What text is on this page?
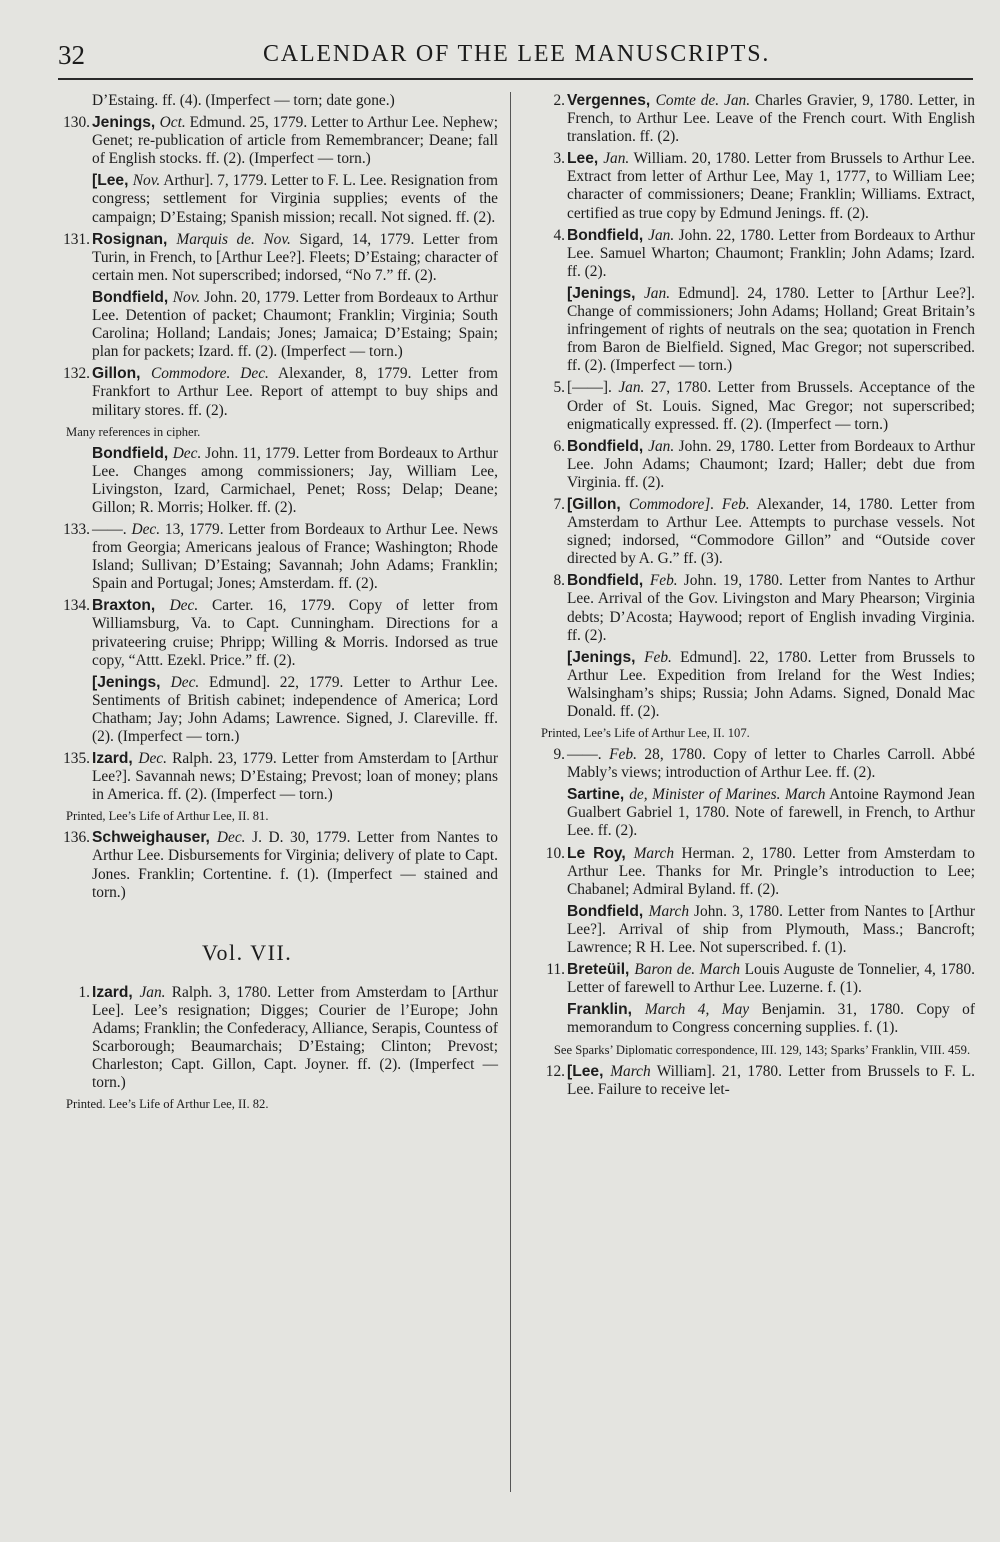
32	CALENDAR OF THE LEE MANUSCRIPTS.
D’Estaing. ff. (4). (Imperfect — torn; date gone.)
130. Jenings, Oct. Edmund. 25, 1779. Letter to Arthur Lee. Nephew; Genet; re-publication of article from Remembrancer; Deane; fall of English stocks. ff. (2). (Imperfect — torn.)
[Lee, Nov. Arthur]. 7, 1779. Letter to F. L. Lee. Resignation from congress; settlement for Virginia supplies; events of the campaign; D’Estaing; Spanish mission; recall. Not signed. ff. (2).
131. Rosignan, Marquis de. Nov. Sigard, 14, 1779. Letter from Turin, in French, to [Arthur Lee?]. Fleets; D’Estaing; character of certain men. Not superscribed; indorsed, “No 7.” ff. (2).
Bondfield, Nov. John. 20, 1779. Letter from Bordeaux to Arthur Lee. Detention of packet; Chaumont; Franklin; Virginia; South Carolina; Holland; Landais; Jones; Jamaica; D’Estaing; Spain; plan for packets; Izard. ff. (2). (Imperfect — torn.)
132. Gillon, Commodore. Dec. Alexander, 8, 1779. Letter from Frankfort to Arthur Lee. Report of attempt to buy ships and military stores. ff. (2).
Many references in cipher.
Bondfield, Dec. John. 11, 1779. Letter from Bordeaux to Arthur Lee. Changes among commissioners; Jay, William Lee, Livingston, Izard, Carmichael, Penet; Ross; Delap; Deane; Gillon; R. Morris; Holker. ff. (2).
133. ——. Dec. 13, 1779. Letter from Bordeaux to Arthur Lee. News from Georgia; Americans jealous of France; Washington; Rhode Island; Sullivan; D’Estaing; Savannah; John Adams; Franklin; Spain and Portugal; Jones; Amsterdam. ff. (2).
134. Braxton, Dec. Carter. 16, 1779. Copy of letter from Williamsburg, Va. to Capt. Cunningham. Directions for a privateering cruise; Phripp; Willing & Morris. Indorsed as true copy, “Attt. Ezekl. Price.” ff. (2).
[Jenings, Dec. Edmund]. 22, 1779. Letter to Arthur Lee. Sentiments of British cabinet; independence of America; Lord Chatham; Jay; John Adams; Lawrence. Signed, J. Clareville. ff. (2). (Imperfect — torn.)
135. Izard, Dec. Ralph. 23, 1779. Letter from Amsterdam to [Arthur Lee?]. Savannah news; D’Estaing; Prevost; loan of money; plans in America. ff. (2). (Imperfect — torn.)
Printed, Lee’s Life of Arthur Lee, II. 81.
136. Schweighauser, Dec. J. D. 30, 1779. Letter from Nantes to Arthur Lee. Disbursements for Virginia; delivery of plate to Capt. Jones. Franklin; Cortentine. f. (1). (Imperfect — stained and torn.)
Vol. VII.
1. Izard, Jan. Ralph. 3, 1780. Letter from Amsterdam to [Arthur Lee]. Lee’s resignation; Digges; Courier de l’Europe; John Adams; Franklin; the Confederacy, Alliance, Serapis, Countess of Scarborough; Beaumarchais; D’Estaing; Clinton; Prevost; Charleston; Capt. Gillon, Capt. Joyner. ff. (2). (Imperfect — torn.)
Printed. Lee’s Life of Arthur Lee, II. 82.
2. Vergennes, Comte de. Jan. Charles Gravier, 9, 1780. Letter, in French, to Arthur Lee. Leave of the French court. With English translation. ff. (2).
3. Lee, Jan. William. 20, 1780. Letter from Brussels to Arthur Lee. Extract from letter of Arthur Lee, May 1, 1777, to William Lee; character of commissioners; Deane; Franklin; Williams. Extract, certified as true copy by Edmund Jenings. ff. (2).
4. Bondfield, Jan. John. 22, 1780. Letter from Bordeaux to Arthur Lee. Samuel Wharton; Chaumont; Franklin; John Adams; Izard. ff. (2).
[Jenings, Jan. Edmund]. 24, 1780. Letter to [Arthur Lee?]. Change of commissioners; John Adams; Holland; Great Britain’s infringement of rights of neutrals on the sea; quotation in French from Baron de Bielfield. Signed, Mac Gregor; not superscribed. ff. (2). (Imperfect — torn.)
5. [——]. Jan. 27, 1780. Letter from Brussels. Acceptance of the Order of St. Louis. Signed, Mac Gregor; not superscribed; enigmatically expressed. ff. (2). (Imperfect — torn.)
6. Bondfield, Jan. John. 29, 1780. Letter from Bordeaux to Arthur Lee. John Adams; Chaumont; Izard; Haller; debt due from Virginia. ff. (2).
7. [Gillon, Commodore]. Feb. Alexander, 14, 1780. Letter from Amsterdam to Arthur Lee. Attempts to purchase vessels. Not signed; indorsed, “Commodore Gillon” and “Outside cover directed by A. G.” ff. (3).
8. Bondfield, Feb. John. 19, 1780. Letter from Nantes to Arthur Lee. Arrival of the Gov. Livingston and Mary Phearson; Virginia debts; D’Acosta; Haywood; report of English invading Virginia. ff. (2).
[Jenings, Feb. Edmund]. 22, 1780. Letter from Brussels to Arthur Lee. Expedition from Ireland for the West Indies; Walsingham’s ships; Russia; John Adams. Signed, Donald Mac Donald. ff. (2).
Printed, Lee’s Life of Arthur Lee, II. 107.
9. ——. Feb. 28, 1780. Copy of letter to Charles Carroll. Abbé Mably’s views; introduction of Arthur Lee. ff. (2).
Sartine, de, Minister of Marines. March Antoine Raymond Jean Gualbert Gabriel 1, 1780. Note of farewell, in French, to Arthur Lee. ff. (2).
10. Le Roy, March Herman. 2, 1780. Letter from Amsterdam to Arthur Lee. Thanks for Mr. Pringle’s introduction to Lee; Chabanel; Admiral Byland. ff. (2).
Bondfield, March John. 3, 1780. Letter from Nantes to [Arthur Lee?]. Arrival of ship from Plymouth, Mass.; Bancroft; Lawrence; R H. Lee. Not superscribed. f. (1).
11. Breteüil, Baron de. March Louis Auguste de Tonnelier, 4, 1780. Letter of farewell to Arthur Lee. Luzerne. f. (1).
Franklin, March 4, May Benjamin. 31, 1780. Copy of memorandum to Congress concerning supplies. f. (1).
See Sparks’ Diplomatic correspondence, III. 129, 143; Sparks’ Franklin, VIII. 459.
12. [Lee, March William]. 21, 1780. Letter from Brussels to F. L. Lee. Failure to receive let-
